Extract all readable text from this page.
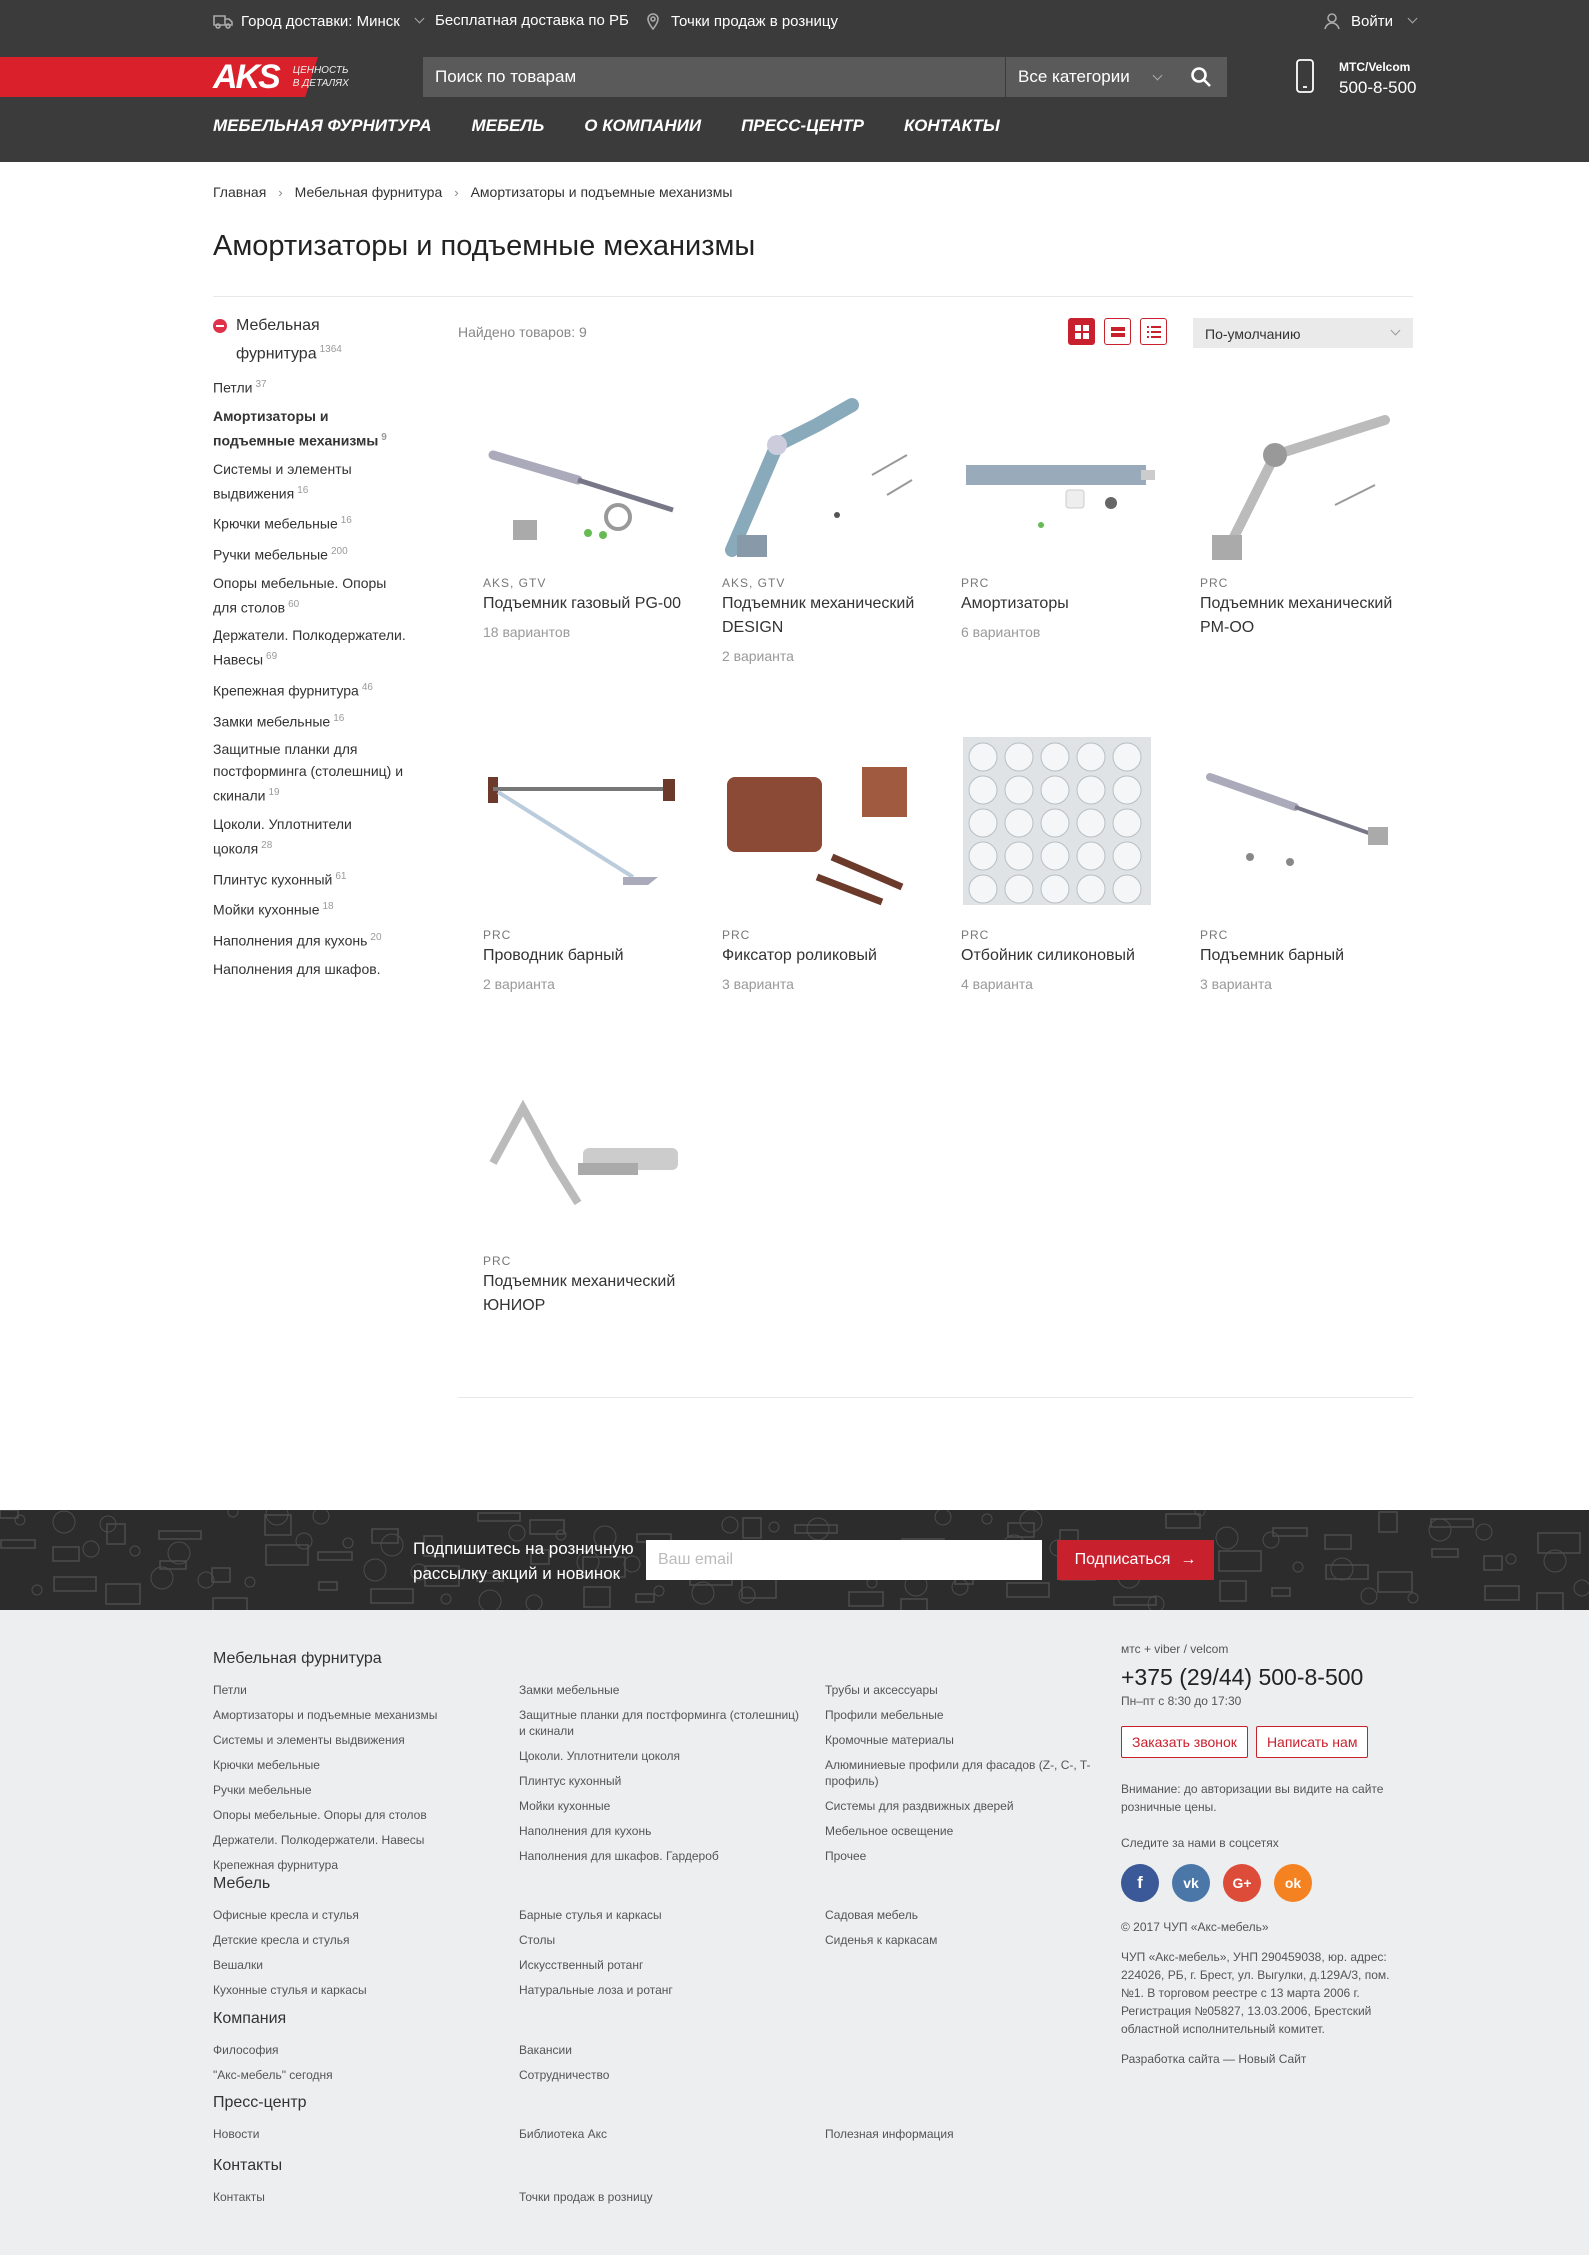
Город доставки: Минск Бесплатная доставка по РБ	Точки продаж в розницу	Войти
AKS ЦЕННОСТЬ
В ДЕТАЛЯХ
Поиск по товарам	Все категории	МТС/Velcom
500-8-500
МЕБЕЛЬНАЯ ФУРНИТУРА МЕБЕЛЬ О КОМПАНИИ ПРЕСС-ЦЕНТР КОНТАКТЫ
Главная › Мебельная фурнитура › Амортизаторы и подъемные механизмы
Амортизаторы и подъемные механизмы
Мебельная фурнитура $^{1364}$
Петли $^{37}$
Амортизаторы и подъемные механизмы $^9$
Системы и элементы выдвижения $^{16}$
Крючки мебельные $^{16}$
Ручки мебельные $^{200}$
Опоры мебельные. Опоры для столов $^{60}$
Держатели. Полкодержатели. Навесы $^{69}$
Крепежная фурнитура $^{46}$
Замки мебельные $^{16}$
Защитные планки для постформинга (столешниц) и скинали $^{19}$
Цоколи. Уплотнители цоколя $^{28}$
Плинтус кухонный $^{61}$
Мойки кухонные $^{18}$
Наполнения для кухонь $^{20}$
Наполнения для шкафов.
Найдено товаров: 9	По-умолчанию
AKS, GTV
Подъемник газовый PG-00
18 вариантов
AKS, GTV
Подъемник механический DESIGN
2 варианта
PRC
Амортизаторы
6 вариантов
PRC
Подъемник механический PM-OO
PRC
Проводник барный
2 варианта
PRC
Фиксатор роликовый
3 варианта
PRC
Отбойник силиконовый
4 варианта
PRC
Подъемник барный
3 варианта
PRC
Подъемник механический ЮНИОР
Подпишитесь на розничную
рассылку акций и новинок
Ваш email
Подписаться →
Мебельная фурнитура
Петли
Амортизаторы и подъемные механизмы
Системы и элементы выдвижения
Крючки мебельные
Ручки мебельные
Опоры мебельные. Опоры для столов
Держатели. Полкодержатели. Навесы
Крепежная фурнитура
Замки мебельные
Защитные планки для постформинга (столешниц) и скинали
Цоколи. Уплотнители цоколя
Плинтус кухонный
Мойки кухонные
Наполнения для кухонь
Наполнения для шкафов. Гардероб
Трубы и аксессуары
Профили мебельные
Кромочные материалы
Алюминиевые профили для фасадов (Z-, C-, T-профиль)
Системы для раздвижных дверей
Мебельное освещение
Прочее
Мебель
Офисные кресла и стулья
Детские кресла и стулья
Вешалки
Кухонные стулья и каркасы
Барные стулья и каркасы
Столы
Искусственный ротанг
Натуральные лоза и ротанг
Садовая мебель
Сиденья к каркасам
Компания
Философия
"Акс-мебель" сегодня
Вакансии
Сотрудничество
Пресс-центр
Новости	Библиотека Акс	Полезная информация
Контакты
Контакты	Точки продаж в розницу
мтс + viber / velcom
+375 (29/44) 500-8-500
Пн–пт с 8:30 до 17:30
Заказать звонок Написать нам
Внимание: до авторизации вы видите на сайте розничные цены.
Следите за нами в соцсетях
f	vk	G+	ok
© 2017 ЧУП «Акс-мебель»
ЧУП «Акс-мебель», УНП 290459038, юр. адрес: 224026, РБ, г. Брест, ул. Выгулки, д.129А/3, пом. №1. В торговом реестре с 13 марта 2006 г. Регистрация №05827, 13.03.2006, Брестский областной исполнительный комитет.
Разработка сайта — Новый Сайт
